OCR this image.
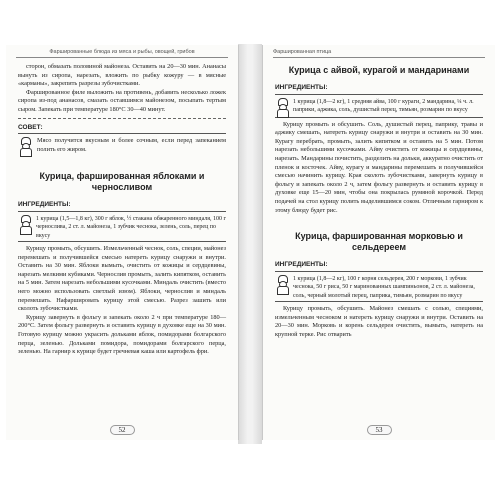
Фаршированные блюда из мяса и рыбы, овощей, грибов

сторон, обмазать половиной майонеза. Оставить на 20—30 мин. Ананасы вынуть из сиропа, нарезать, вложить по рыбку кожуру — в мясные «карманы», закрепить разрезы зубочистками.

Фаршированное филе выложить на противень, добавить несколько ложек сиропа из-под ананасов, смазать оставшимся майонезом, посыпать тертым сыром. Запекать при температуре 180°С 30—40 минут.

СОВЕТ:
Мясо получится вкусным и более сочным, если перед запеканием полить его жиром.
Курица, фаршированная яблоками и черносливом
ИНГРЕДИЕНТЫ:
1 курица (1,5—1,8 кг), 300 г яблок, ½ стакана обжаренного миндаля, 100 г чернослива, 2 ст. л. майонеза, 1 зубчик чеснока, зелень, соль, перец по вкусу

Курицу промыть, обсушить. Измельченный чеснок, соль, специи, майонез перемешать и получившейся смесью натереть курицу снаружи и внутри. Оставить на 30 мин. Яблоки вымыть, очистить от кожицы и сердцевины, нарезать мелкими кубиками. Чернослив промыть, залить кипятком, оставить на 5 мин. Затем нарезать небольшими кусочками. Миндаль очистить (вместо него можно использовать светлый изюм). Яблоки, чернослив и миндаль перемешать. Нафаршировать курицу этой смесью. Разрез зашить или сколоть зубочистками.

Курицу завернуть в фольгу и запекать около 2 ч при температуре 180—200°С. Затем фольгу развернуть и оставить курицу в духовке еще на 30 мин. Готовую курицу можно украсить дольками яблок, помидорами болгарского перца, зеленью. Дольками помидора, помидорами болгарского перца, зеленью. На гарнир к курице будет гречневая каша или картофель фри.

52
Фаршированная птица
Курица с айвой, курагой и мандаринами
ИНГРЕДИЕНТЫ:
1 курица (1,8—2 кг), 1 средняя айва, 100 г кураги, 2 мандарина, ¼ ч. л. паприки, аджика, соль, душистый перец, тимьян, розмарин по вкусу

Курицу промыть и обсушить. Соль, душистый перец, паприку, травы и аджику смешать, натереть курицу снаружи и внутри и оставить на 30 мин. Курагу перебрать, промыть, залить кипятком и оставить на 5 мин. Потом нарезать небольшими кусочками. Айву очистить от кожицы и сердцевины, нарезать. Мандарины почистить, разделить на дольки, аккуратно очистить от пленок и косточек. Айву, курагу и мандарины перемешать и получившейся смесью начинить курицу. Края сколоть зубочистками, завернуть курицу в фольгу и запекать около 2 ч, затем фольгу развернуть и оставить курицу в духовке еще 15—20 мин, чтобы она покрылась румяной корочкой. Перед подачей на стол курицу полить выделившимся соком. Отличным гарниром к этому блюду будет рис.

Курица, фаршированная морковью и сельдереем
ИНГРЕДИЕНТЫ:
1 курица (1,8—2 кг), 100 г корня сельдерея, 200 г моркови, 1 зубчик чеснока, 50 г риса, 50 г маринованных шампиньонов, 2 ст. л. майонеза, соль, черный молотый перец, паприка, тимьян, розмарин по вкусу

Курицу промыть, обсушить. Майонез смешать с солью, специями, измельченным чесноком и натереть курицу снаружи и внутри. Оставить на 20—30 мин. Морковь и корень сельдерея очистить, вымыть, натереть на крупной терке. Рис отварить

53
